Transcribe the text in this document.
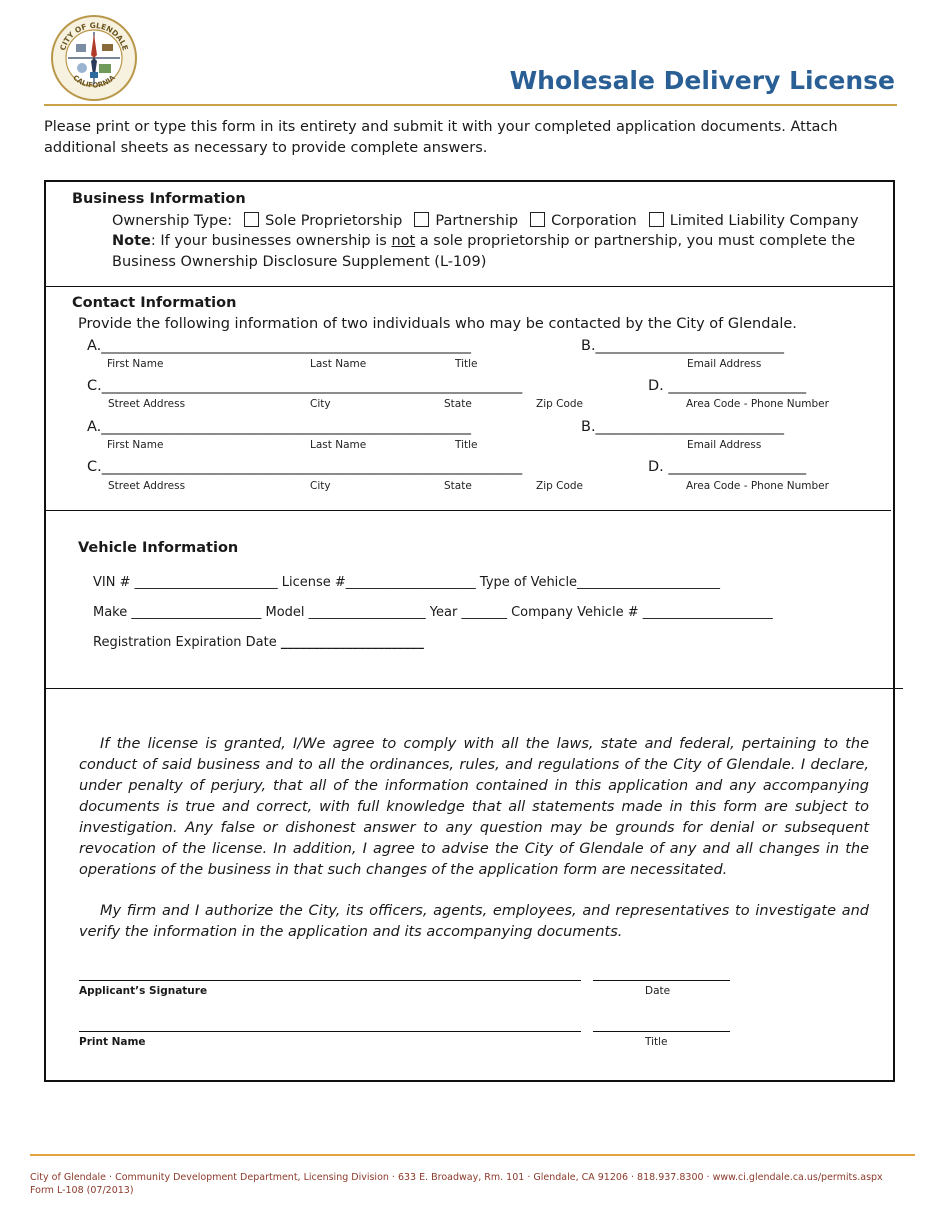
CITY OF GLENDALE
CALIFORNIA	Wholesale Delivery License
Please print or type this form in its entirety and submit it with your completed application documents. Attach additional sheets as necessary to provide complete answers.
Business Information
Ownership Type: Sole Proprietorship Partnership Corporation Limited Liability Company
Note: If your businesses ownership is not a sole proprietorship or partnership, you must complete the
Business Ownership Disclosure Supplement (L-109)
Contact Information
Provide the following information of two individuals who may be contacted by the City of Glendale.
A.___________________________________________________	B.__________________________
First Name	Last Name	Title	Email Address
C.__________________________________________________________	D. ___________________
Street Address	City	State	Zip Code	Area Code - Phone Number
A.___________________________________________________	B.__________________________
First Name	Last Name	Title	Email Address
C.__________________________________________________________	D. ___________________
Street Address	City	State	Zip Code	Area Code - Phone Number
Vehicle Information
VIN # ______________________ License #____________________ Type of Vehicle______________________
Make ____________________ Model __________________ Year _______ Company Vehicle # ____________________
Registration Expiration Date ______________________
If the license is granted, I/We agree to comply with all the laws, state and federal, pertaining to the conduct of said business and to all the ordinances, rules, and regulations of the City of Glendale. I declare, under penalty of perjury, that all of the information contained in this application and any accompanying documents is true and correct, with full knowledge that all statements made in this form are subject to investigation. Any false or dishonest answer to any question may be grounds for denial or subsequent revocation of the license. In addition, I agree to advise the City of Glendale of any and all changes in the operations of the business in that such changes of the application form are necessitated.
My firm and I authorize the City, its officers, agents, employees, and representatives to investigate and verify the information in the application and its accompanying documents.
Applicant’s Signature	Date
Print Name	Title
City of Glendale · Community Development Department, Licensing Division · 633 E. Broadway, Rm. 101 · Glendale, CA 91206 · 818.937.8300 · www.ci.glendale.ca.us/permits.aspx
Form L-108 (07/2013)
